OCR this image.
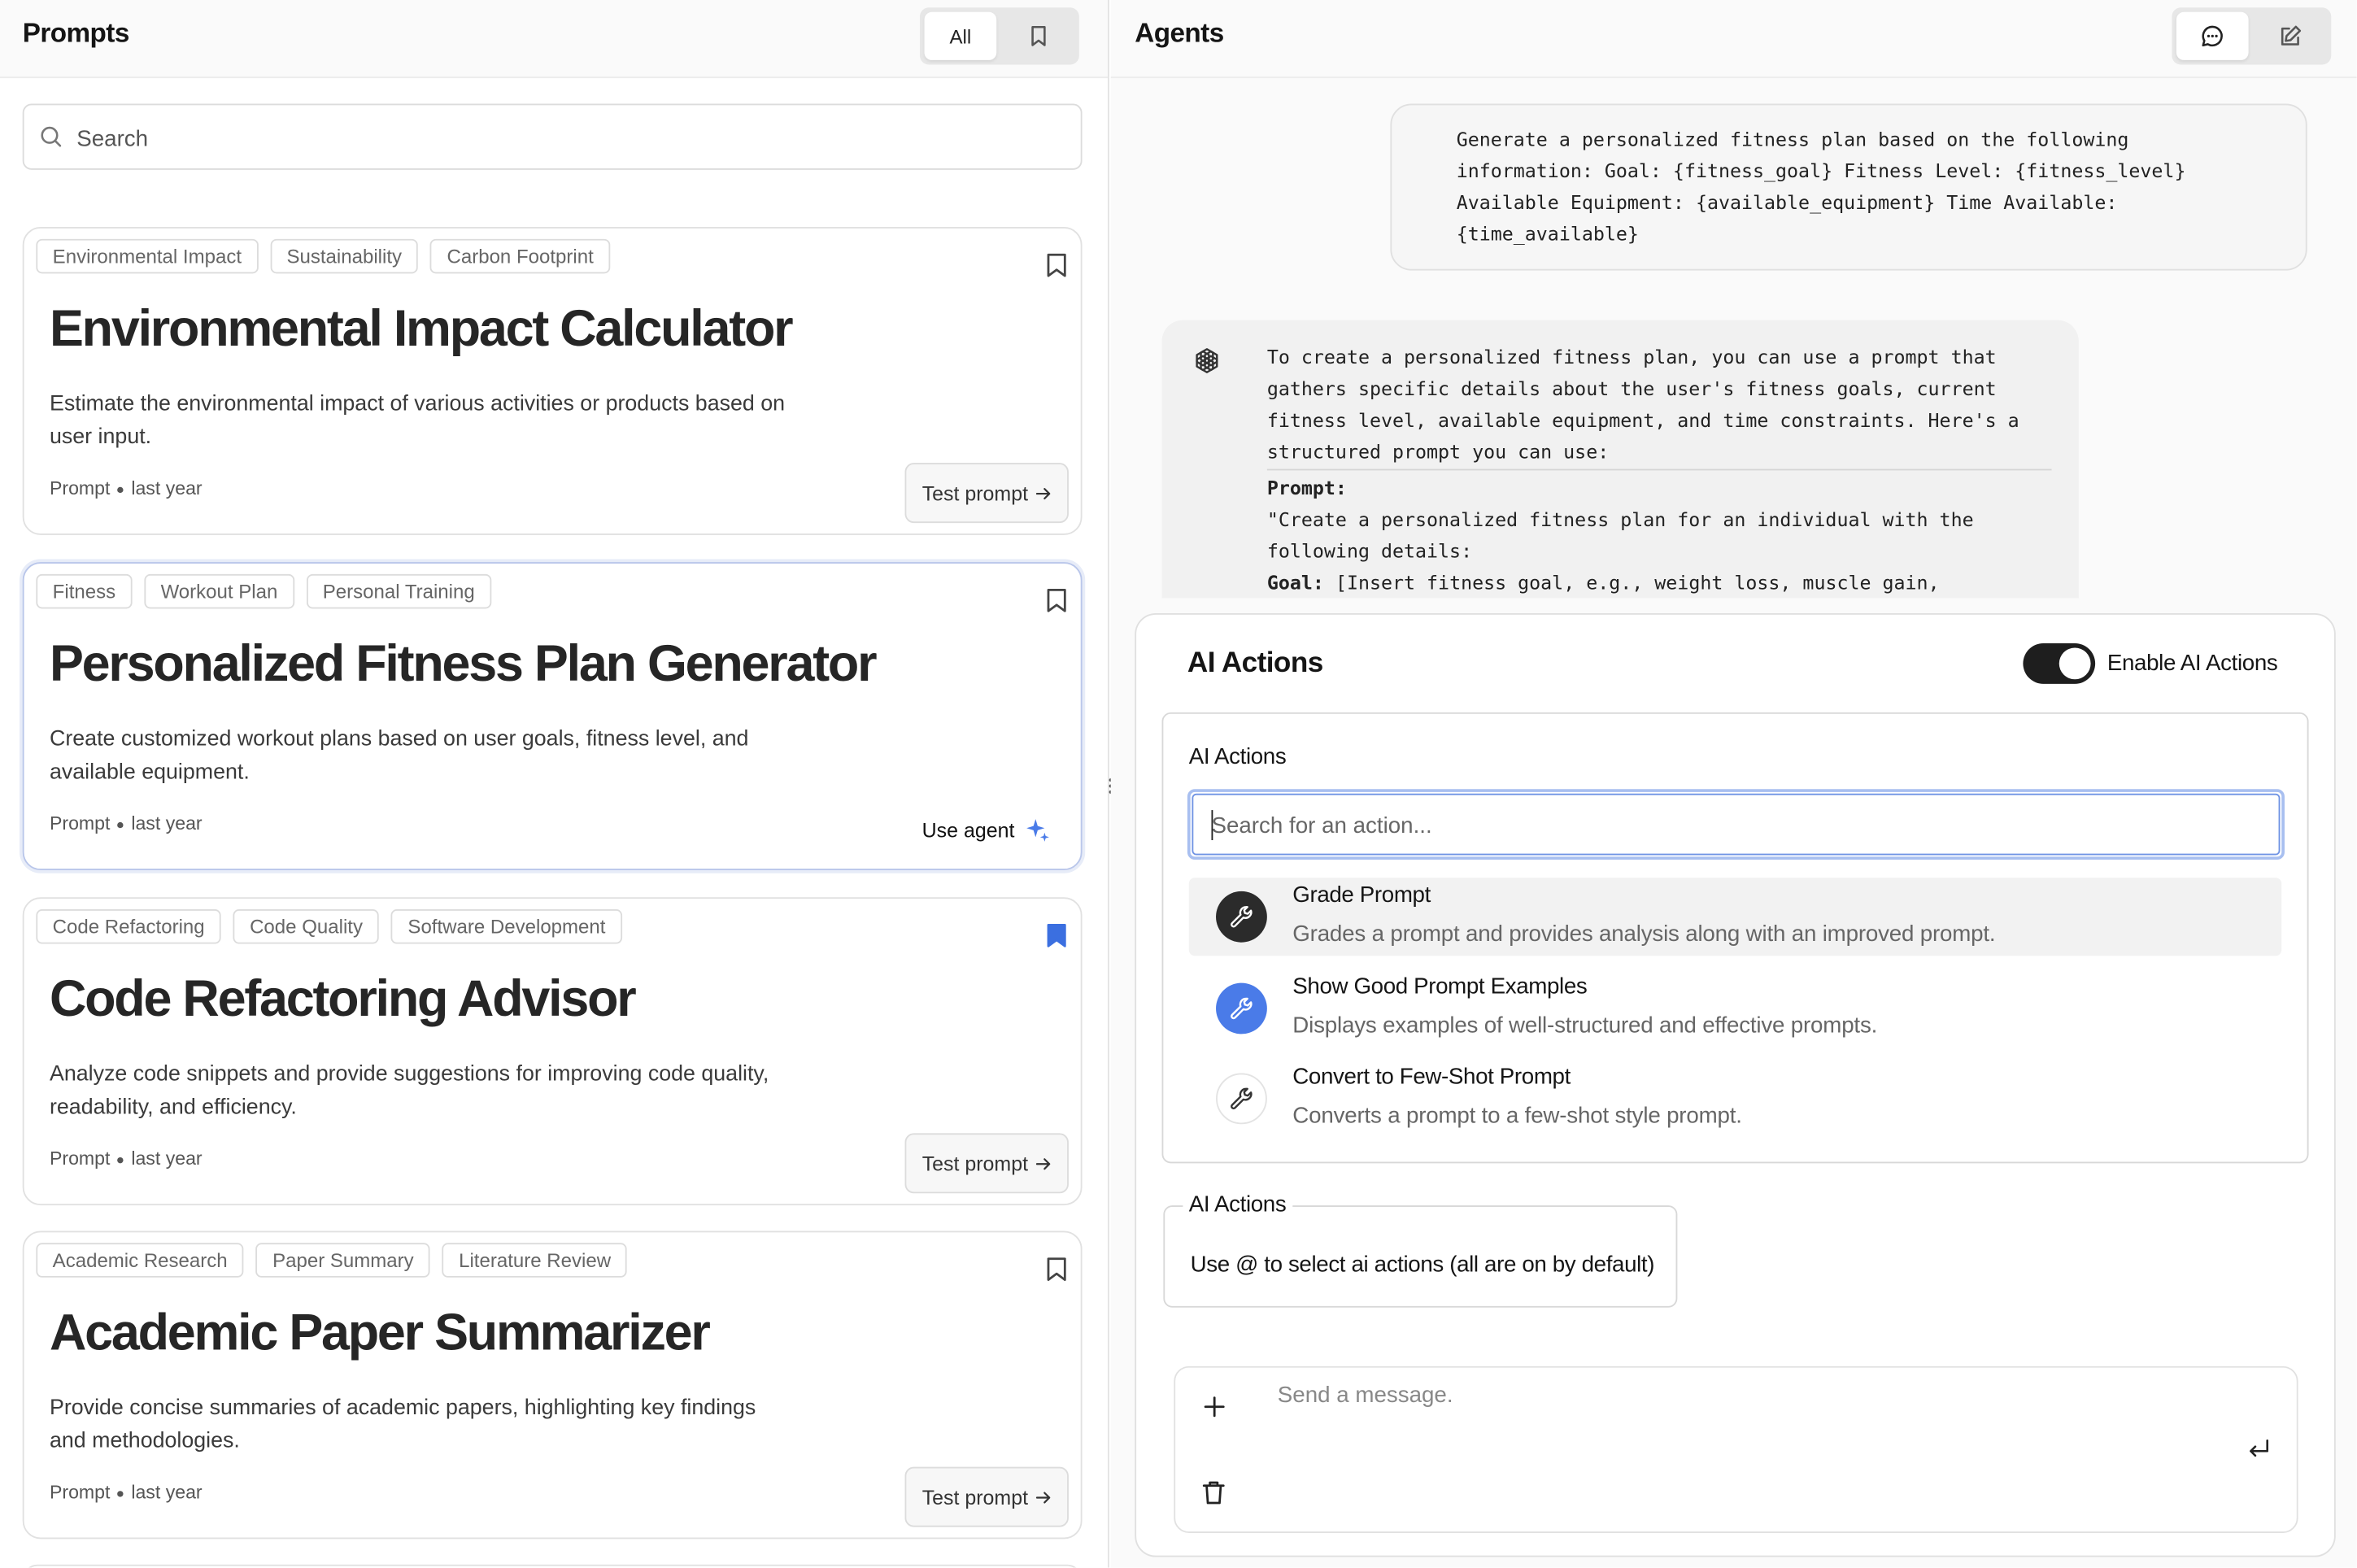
Prompts	All
Search
Environmental Impact	Sustainability	Carbon Footprint
Environmental Impact Calculator

Estimate the environmental impact of various activities or products based on user input.

Prompt last year	Test prompt
Fitness	Workout Plan	Personal Training
Personalized Fitness Plan Generator

Create customized workout plans based on user goals, fitness level, and available equipment.

Prompt last year	Use agent
Code Refactoring	Code Quality	Software Development
Code Refactoring Advisor

Analyze code snippets and provide suggestions for improving code quality, readability, and efficiency.

Prompt last year	Test prompt
Academic Research	Paper Summary	Literature Review
Academic Paper Summarizer

Provide concise summaries of academic papers, highlighting key findings and methodologies.

Prompt last year	Test prompt
Agents
Generate a personalized fitness plan based on the following
information: Goal: {fitness_goal} Fitness Level: {fitness_level}
Available Equipment: {available_equipment} Time Available:
{time_available}

To create a personalized fitness plan, you can use a prompt that gathers specific details about the user's fitness goals, current fitness level, available equipment, and time constraints. Here's a structured prompt you can use:

Prompt:

"Create a personalized fitness plan for an individual with the following details:

Goal: [Insert fitness goal, e.g., weight loss, muscle gain,

AI Actions	Enable AI Actions
AI Actions
Search for an action...
Grade Prompt
Grades a prompt and provides analysis along with an improved prompt.
Show Good Prompt Examples
Displays examples of well-structured and effective prompts.
Convert to Few-Shot Prompt
Converts a prompt to a few-shot style prompt.
AI Actions
Use @ to select ai actions (all are on by default)
Send a message.
